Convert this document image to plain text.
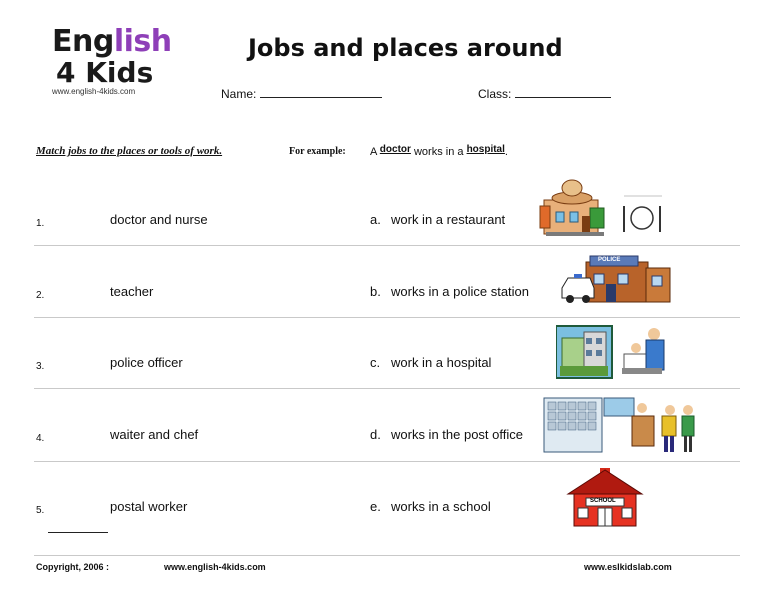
English
4 Kids
www.english-4kids.com
Jobs and places around
Name:	Class:
Match jobs to the places or tools of work.	For example: A doctor works in a hospital.
1.	doctor and nurse	a. work in a restaurant
2.	teacher	b. works in a police station
3.	police officer	c. work in a hospital
4.	waiter and chef	d. works in the post office
5.	postal worker	e. works in a school
POLICE
SCHOOL
Copyright, 2006 :	www.english-4kids.com	www.eslkidslab.com
